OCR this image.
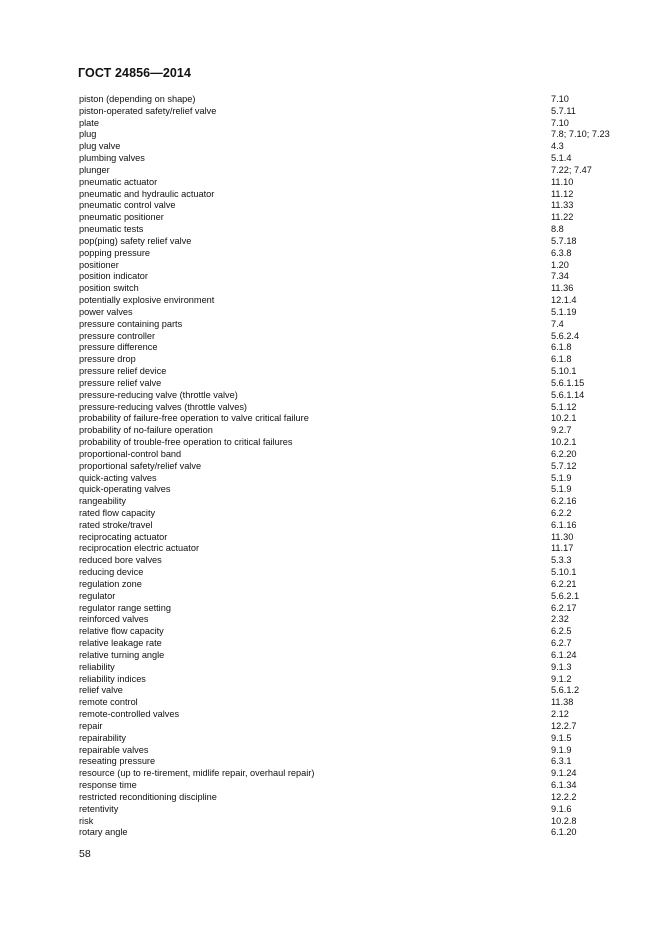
ГОСТ 24856—2014
piston (depending on shape)	7.10
piston-operated safety/relief valve	5.7.11
plate	7.10
plug	7.8; 7.10; 7.23
plug valve	4.3
plumbing valves	5.1.4
plunger	7.22; 7.47
pneumatic actuator	11.10
pneumatic and hydraulic actuator	11.12
pneumatic control valve	11.33
pneumatic positioner	11.22
pneumatic tests	8.8
pop(ping) safety relief valve	5.7.18
popping pressure	6.3.8
positioner	1.20
position indicator	7.34
position switch	11.36
potentially explosive environment	12.1.4
power valves	5.1.19
pressure containing parts	7.4
pressure controller	5.6.2.4
pressure difference	6.1.8
pressure drop	6.1.8
pressure relief device	5.10.1
pressure relief valve	5.6.1.15
pressure-reducing valve (throttle valve)	5.6.1.14
pressure-reducing valves (throttle valves)	5.1.12
probability of failure-free operation to valve critical failure	10.2.1
probability of no-failure operation	9.2.7
probability of trouble-free operation to critical failures	10.2.1
proportional-control band	6.2.20
proportional safety/relief valve	5.7.12
quick-acting valves	5.1.9
quick-operating valves	5.1.9
rangeability	6.2.16
rated flow capacity	6.2.2
rated stroke/travel	6.1.16
reciprocating actuator	11.30
reciprocation electric actuator	11.17
reduced bore valves	5.3.3
reducing device	5.10.1
regulation zone	6.2.21
regulator	5.6.2.1
regulator range setting	6.2.17
reinforced valves	2.32
relative flow capacity	6.2.5
relative leakage rate	6.2.7
relative turning angle	6.1.24
reliability	9.1.3
reliability indices	9.1.2
relief valve	5.6.1.2
remote control	11.38
remote-controlled valves	2.12
repair	12.2.7
repairability	9.1.5
repairable valves	9.1.9
reseating pressure	6.3.1
resource (up to re-tirement, midlife repair, overhaul repair)	9.1.24
response time	6.1.34
restricted reconditioning discipline	12.2.2
retentivity	9.1.6
risk	10.2.8
rotary angle	6.1.20
58
